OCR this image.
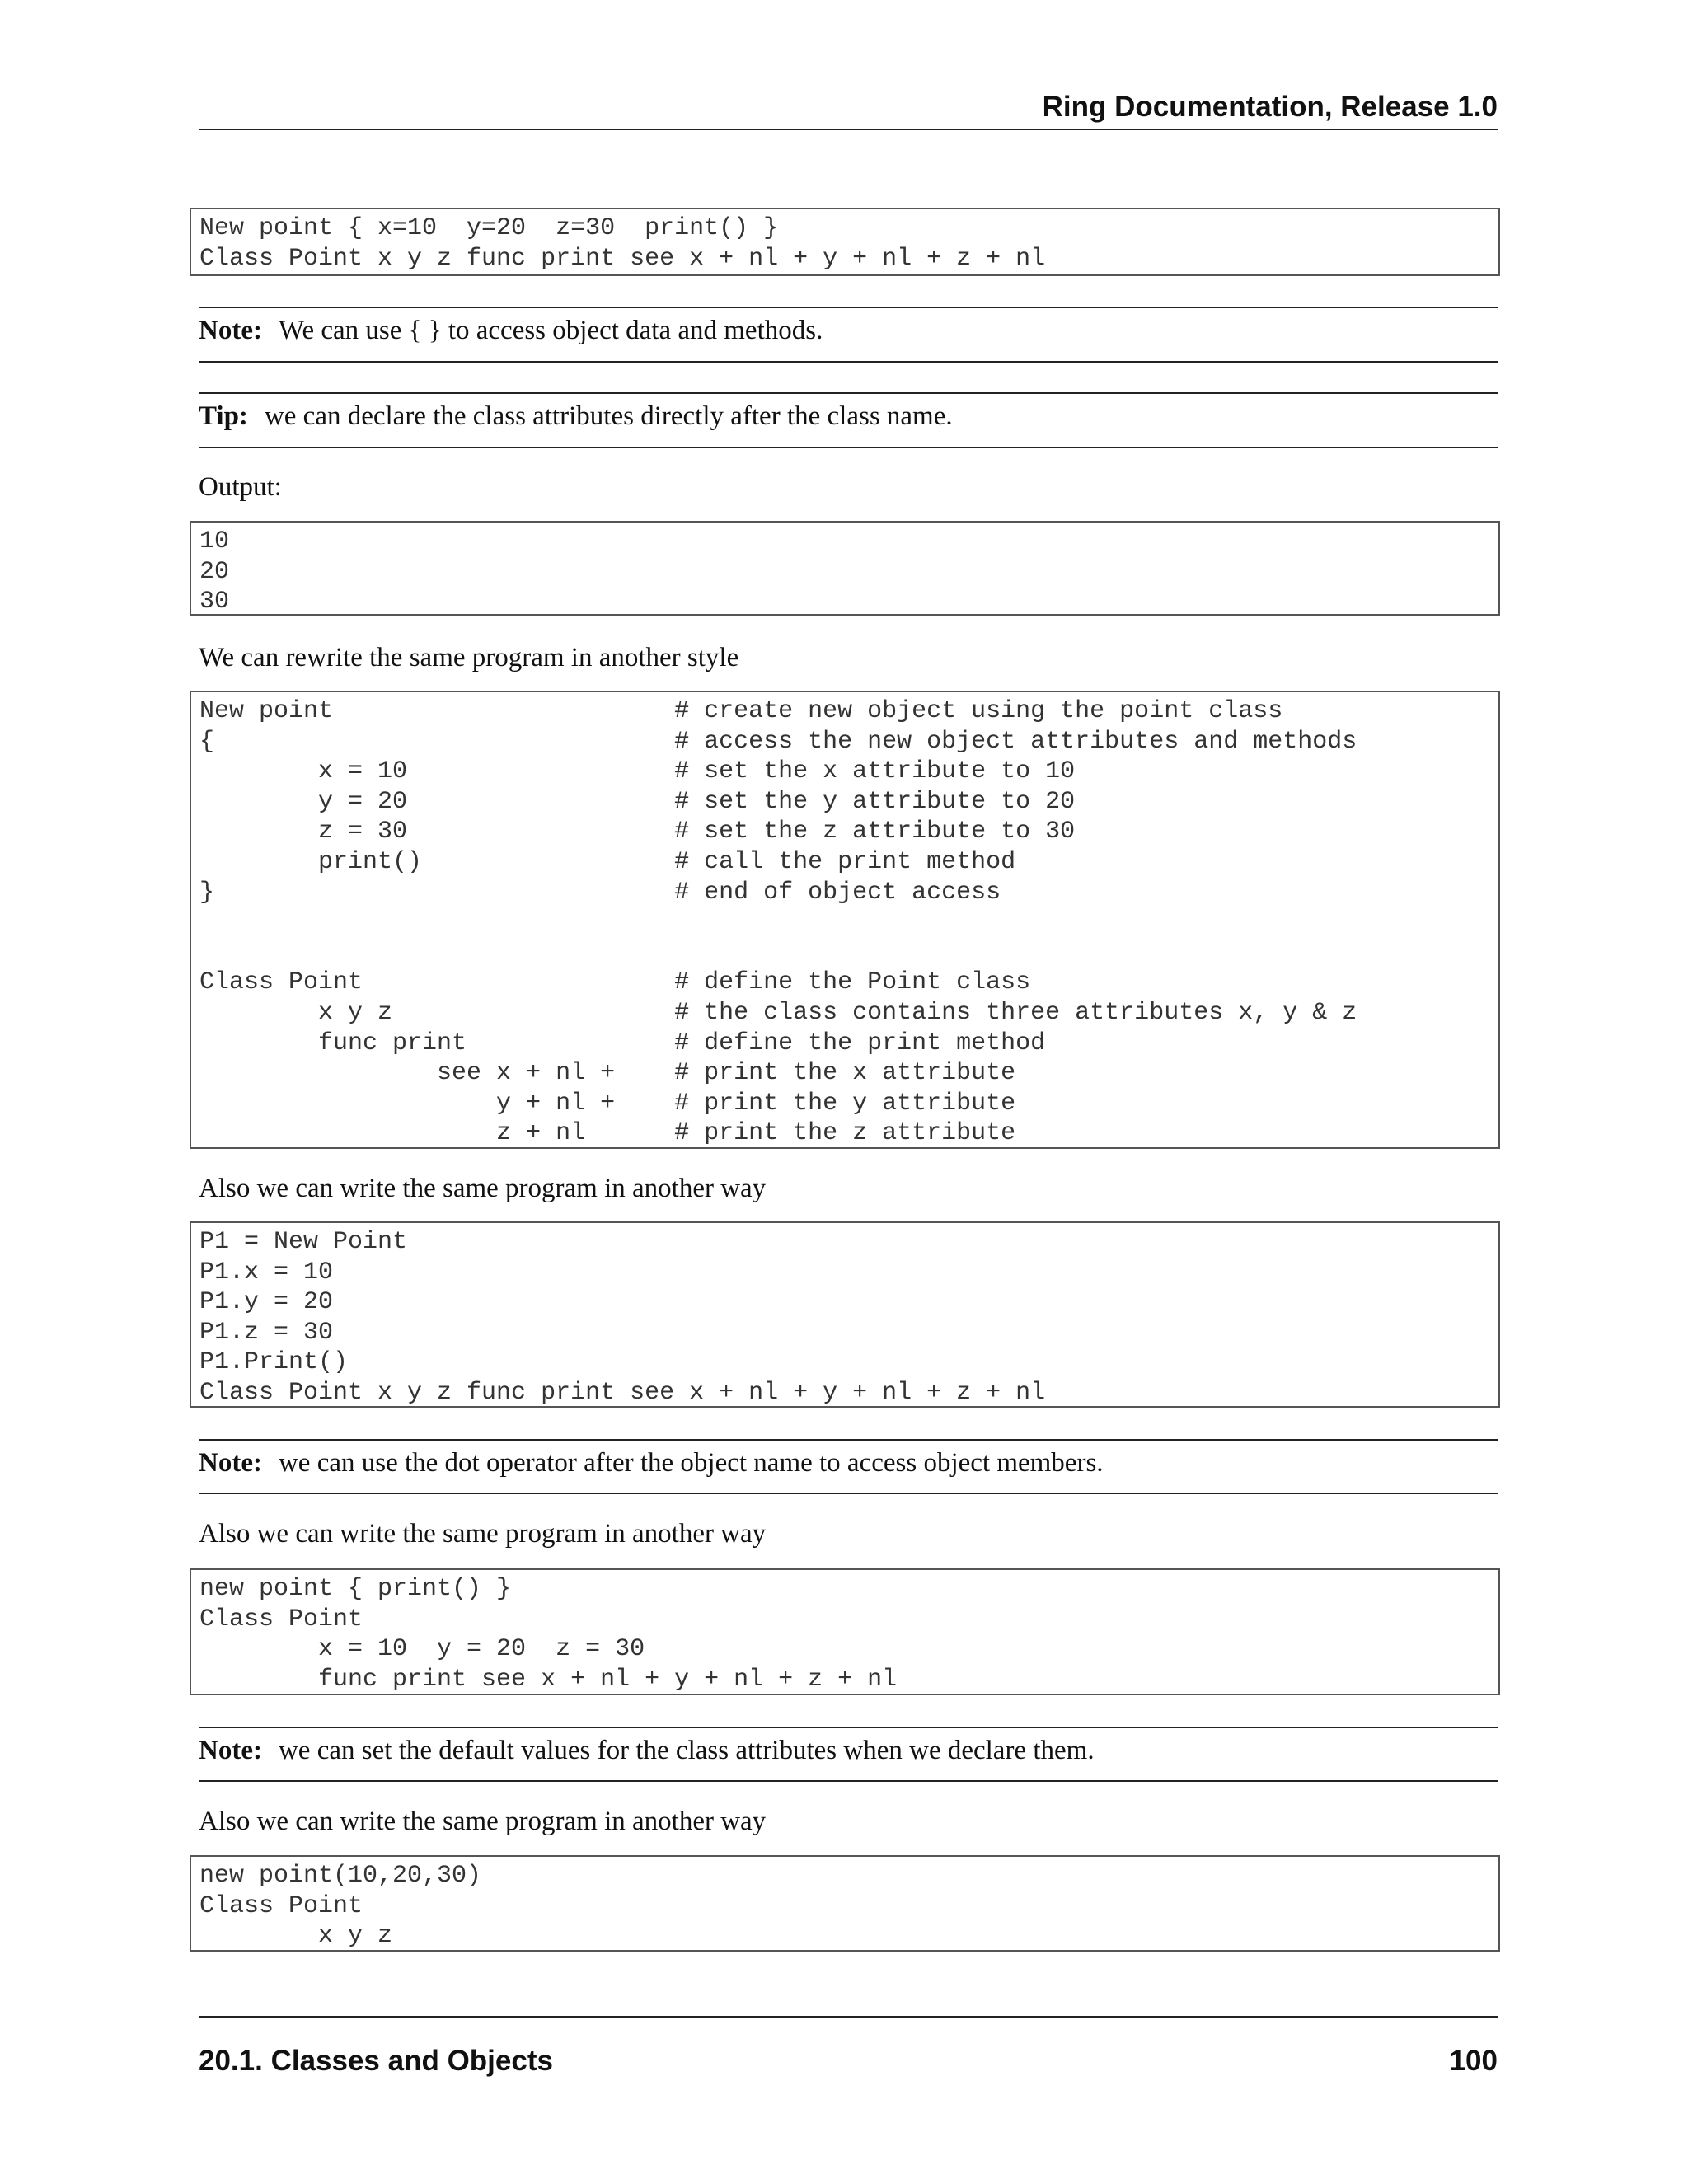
Ring Documentation, Release 1.0
New point { x=10  y=20  z=30  print() }
Class Point x y z func print see x + nl + y + nl + z + nl
Note: We can use { } to access object data and methods.
Tip: we can declare the class attributes directly after the class name.
Output:
10
20
30
We can rewrite the same program in another style
New point                       # create new object using the point class
{                               # access the new object attributes and methods
x = 10                  # set the x attribute to 10
y = 20                  # set the y attribute to 20
z = 30                  # set the z attribute to 30
print()                 # call the print method
}                               # end of object access

Class Point                     # define the Point class
x y z                   # the class contains three attributes x, y & z
func print              # define the print method
see x + nl +    # print the x attribute
y + nl +    # print the y attribute
z + nl      # print the z attribute
Also we can write the same program in another way
P1 = New Point
P1.x = 10
P1.y = 20
P1.z = 30
P1.Print()
Class Point x y z func print see x + nl + y + nl + z + nl
Note: we can use the dot operator after the object name to access object members.
Also we can write the same program in another way
new point { print() }
Class Point
x = 10  y = 20  z = 30
func print see x + nl + y + nl + z + nl
Note: we can set the default values for the class attributes when we declare them.
Also we can write the same program in another way
new point(10,20,30)
Class Point
x y z
20.1. Classes and Objects	100
